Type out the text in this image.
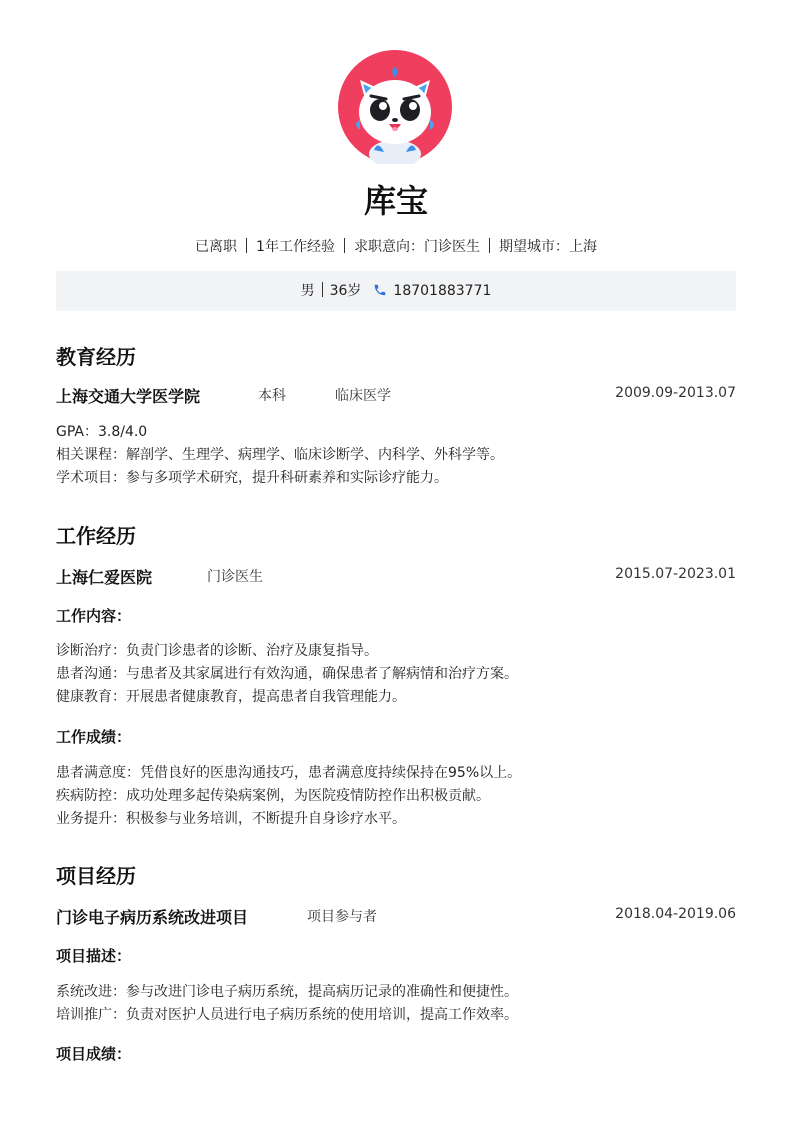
库宝
已离职 1年工作经验 求职意向：门诊医生 期望城市：上海
男 36岁 18701883771
教育经历
上海交通大学医学院	本科	临床医学	2009.09-2013.07
GPA：3.8/4.0
相关课程：解剖学、生理学、病理学、临床诊断学、内科学、外科学等。
学术项目：参与多项学术研究，提升科研素养和实际诊疗能力。
工作经历
上海仁爱医院	门诊医生	2015.07-2023.01
工作内容：
诊断治疗：负责门诊患者的诊断、治疗及康复指导。
患者沟通：与患者及其家属进行有效沟通，确保患者了解病情和治疗方案。
健康教育：开展患者健康教育，提高患者自我管理能力。
工作成绩：
患者满意度：凭借良好的医患沟通技巧，患者满意度持续保持在95%以上。
疾病防控：成功处理多起传染病案例，为医院疫情防控作出积极贡献。
业务提升：积极参与业务培训，不断提升自身诊疗水平。
项目经历
门诊电子病历系统改进项目	项目参与者	2018.04-2019.06
项目描述：
系统改进：参与改进门诊电子病历系统，提高病历记录的准确性和便捷性。
培训推广：负责对医护人员进行电子病历系统的使用培训，提高工作效率。
项目成绩：
